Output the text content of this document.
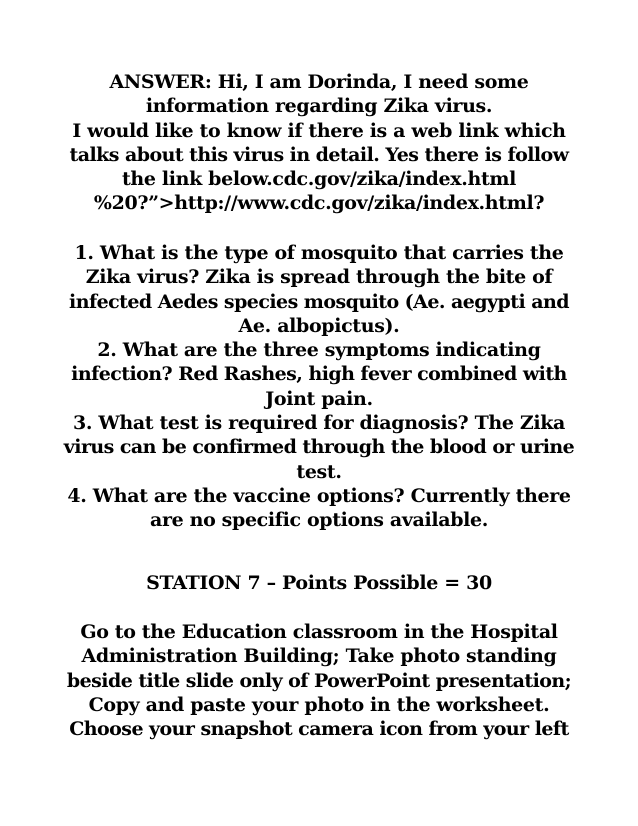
ANSWER: Hi, I am Dorinda, I need some
information regarding Zika virus.
I would like to know if there is a web link which
talks about this virus in detail. Yes there is follow
the link below.cdc.gov/zika/index.html
%20?”>http://www.cdc.gov/zika/index.html?
1. What is the type of mosquito that carries the
Zika virus? Zika is spread through the bite of
infected Aedes species mosquito (Ae. aegypti and
Ae. albopictus).
2. What are the three symptoms indicating
infection? Red Rashes, high fever combined with
Joint pain.
3. What test is required for diagnosis? The Zika
virus can be confirmed through the blood or urine
test.
4. What are the vaccine options? Currently there
are no specific options available.
STATION 7 – Points Possible = 30
Go to the Education classroom in the Hospital
Administration Building; Take photo standing
beside title slide only of PowerPoint presentation;
Copy and paste your photo in the worksheet.
Choose your snapshot camera icon from your left
